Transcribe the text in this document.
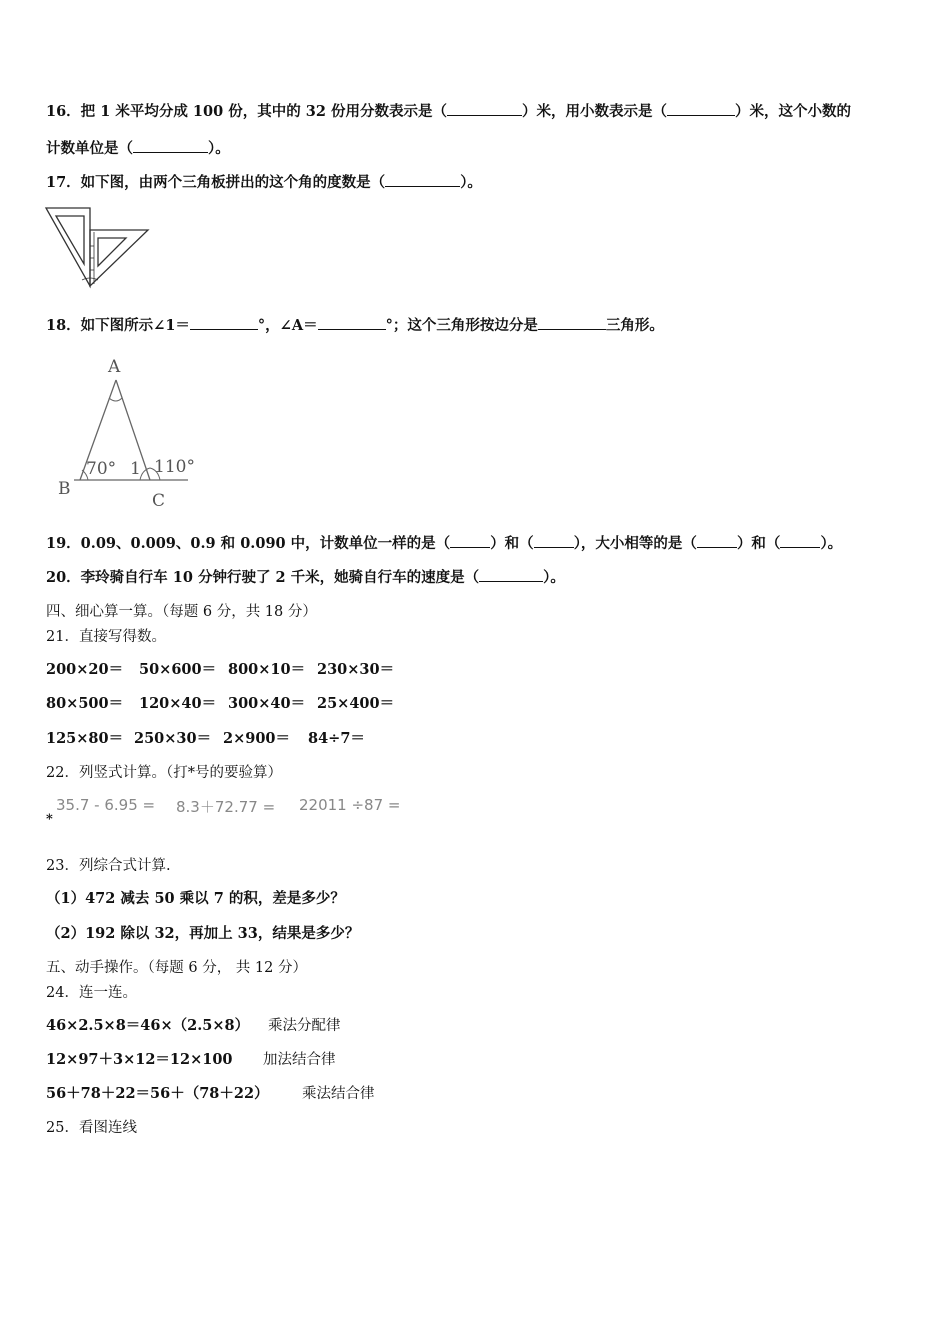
16．把 1 米平均分成 100 份，其中的 32 份用分数表示是（	）米，用小数表示是（	）米，这个小数的
计数单位是（	）。
17．如下图，由两个三角板拼出的这个角的度数是（	）。
18．如下图所示∠1＝	°，∠A＝	°；这个三角形按边分是	三角形。
A
B
C
70° 1 110°
19．0.09、0.009、0.9 和 0.090 中，计数单位一样的是（	）和（	），大小相等的是（	）和（	）。
20．李玲骑自行车 10 分钟行驶了 2 千米，她骑自行车的速度是（	）。
四、细心算一算。（每题 6 分，共 18 分）
21．直接写得数。
200×20＝ 50×600＝ 800×10＝ 230×30＝
80×500＝ 120×40＝ 300×40＝ 25×400＝
125×80＝ 250×30＝ 2×900＝ 84÷7＝
22．列竖式计算。（打*号的要验算）
35.7 - 6.95 = 8.3＋72.77 = 22011 ÷87 =
*
23．列综合式计算.
（1）472 减去 50 乘以 7 的积，差是多少？
（2）192 除以 32，再加上 33，结果是多少？
五、动手操作。（每题 6 分， 共 12 分）
24．连一连。
46×2.5×8＝46×（2.5×8） 乘法分配律
12×97＋3×12＝12×100 加法结合律
56＋78＋22＝56＋（78＋22） 乘法结合律
25．看图连线
